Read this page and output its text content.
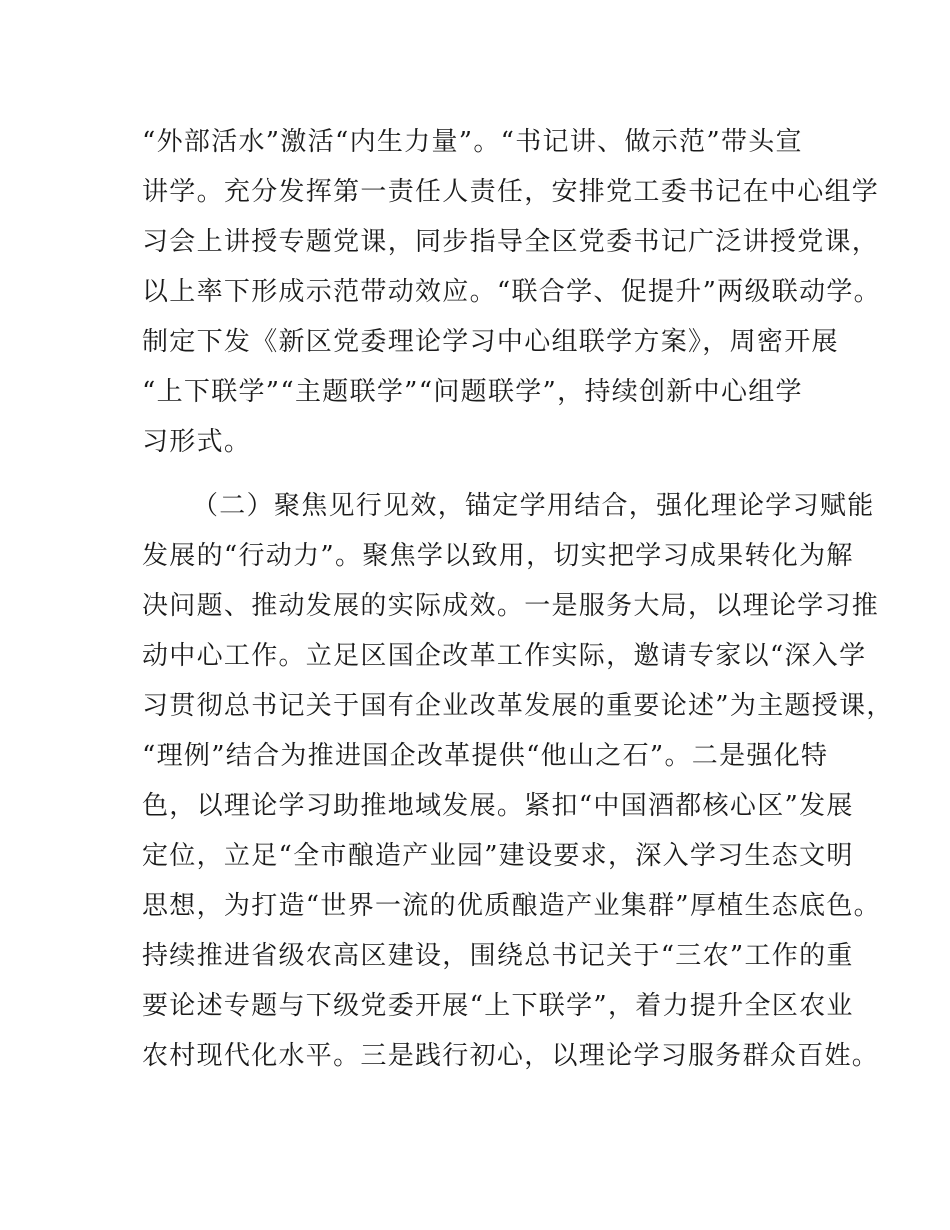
“外部活水”激活“内生力量”。“书记讲、做示范”带头宣

讲学。充分发挥第一责任人责任，安排党工委书记在中心组学

习会上讲授专题党课，同步指导全区党委书记广泛讲授党课，

以上率下形成示范带动效应。“联合学、促提升”两级联动学。

制定下发《新区党委理论学习中心组联学方案》，周密开展

“上下联学”“主题联学”“问题联学”，持续创新中心组学

习形式。

（二）聚焦见行见效，锚定学用结合，强化理论学习赋能

发展的“行动力”。聚焦学以致用，切实把学习成果转化为解

决问题、推动发展的实际成效。一是服务大局，以理论学习推

动中心工作。立足区国企改革工作实际，邀请专家以“深入学

习贯彻总书记关于国有企业改革发展的重要论述”为主题授课，

“理例”结合为推进国企改革提供“他山之石”。二是强化特

色，以理论学习助推地域发展。紧扣“中国酒都核心区”发展

定位，立足“全市酿造产业园”建设要求，深入学习生态文明

思想，为打造“世界一流的优质酿造产业集群”厚植生态底色。

持续推进省级农高区建设，围绕总书记关于“三农”工作的重

要论述专题与下级党委开展“上下联学”，着力提升全区农业

农村现代化水平。三是践行初心，以理论学习服务群众百姓。
